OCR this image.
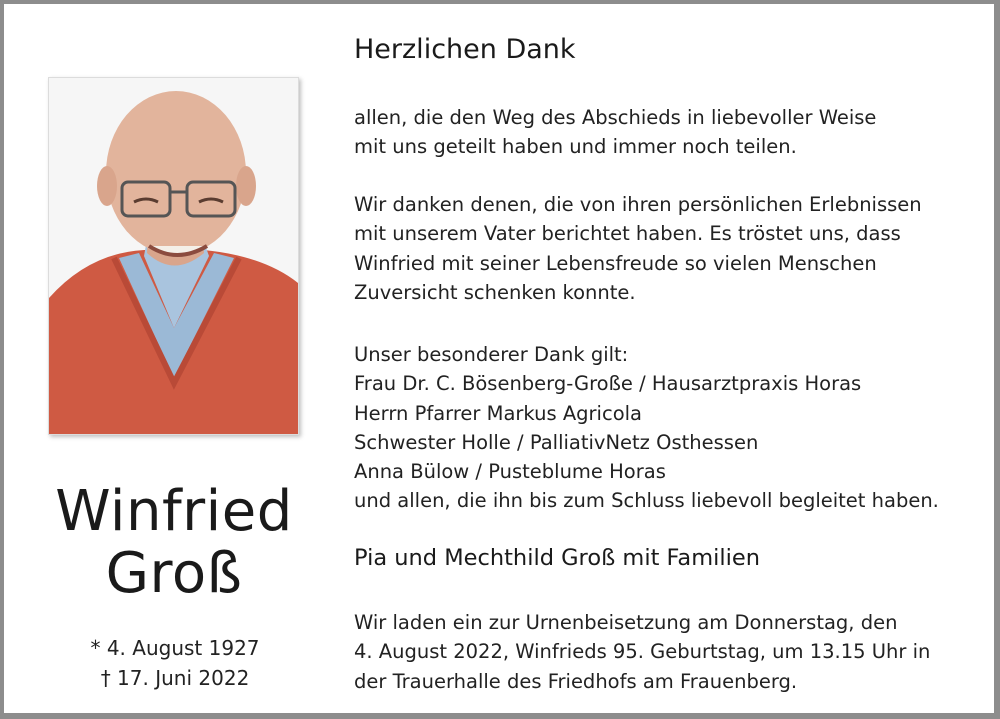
Winfried
Groß
* 4. August 1927
† 17. Juni 2022
Herzlichen Dank
allen, die den Weg des Abschieds in liebevoller Weise
mit uns geteilt haben und immer noch teilen.
Wir danken denen, die von ihren persönlichen Erlebnissen
mit unserem Vater berichtet haben. Es tröstet uns, dass
Winfried mit seiner Lebensfreude so vielen Menschen
Zuversicht schenken konnte.
Unser besonderer Dank gilt:
Frau Dr. C. Bösenberg-Große / Hausarztpraxis Horas
Herrn Pfarrer Markus Agricola
Schwester Holle / PalliativNetz Osthessen
Anna Bülow / Pusteblume Horas
und allen, die ihn bis zum Schluss liebevoll begleitet haben.
Pia und Mechthild Groß mit Familien
Wir laden ein zur Urnenbeisetzung am Donnerstag, den
4. August 2022, Winfrieds 95. Geburtstag, um 13.15 Uhr in
der Trauerhalle des Friedhofs am Frauenberg.
